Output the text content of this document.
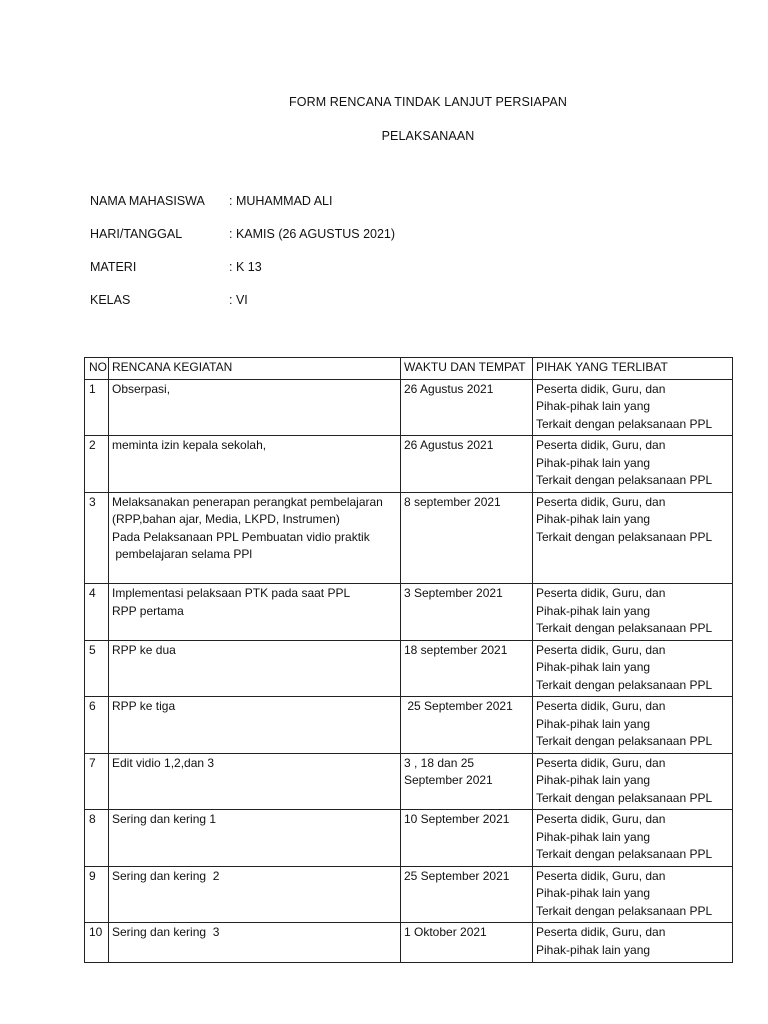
FORM RENCANA TINDAK LANJUT PERSIAPAN
PELAKSANAAN
NAMA MAHASISWA	: MUHAMMAD ALI
HARI/TANGGAL	: KAMIS (26 AGUSTUS 2021)
MATERI	: K 13
KELAS	: VI
NO	RENCANA KEGIATAN	WAKTU DAN TEMPAT	PIHAK YANG TERLIBAT
1	Obserpasi,	26 Agustus 2021	Peserta didik, Guru, dan
Pihak-pihak lain yang
Terkait dengan pelaksanaan PPL

2	meminta izin kepala sekolah,	26 Agustus 2021	Peserta didik, Guru, dan
Pihak-pihak lain yang
Terkait dengan pelaksanaan PPL

3	Melaksanakan penerapan perangkat pembelajaran
(RPP,bahan ajar, Media, LKPD, Instrumen)
Pada Pelaksanaan PPL Pembuatan vidio praktik
pembelajaran selama PPl	8 september 2021	Peserta didik, Guru, dan
Pihak-pihak lain yang
Terkait dengan pelaksanaan PPL

4	Implementasi pelaksaan PTK pada saat PPL
RPP pertama	3 September 2021	Peserta didik, Guru, dan
Pihak-pihak lain yang
Terkait dengan pelaksanaan PPL

5	RPP ke dua	18 september 2021	Peserta didik, Guru, dan
Pihak-pihak lain yang
Terkait dengan pelaksanaan PPL

6	RPP ke tiga	25 September 2021	Peserta didik, Guru, dan
Pihak-pihak lain yang
Terkait dengan pelaksanaan PPL

7	Edit vidio 1,2,dan 3	3 , 18 dan 25
September 2021	Peserta didik, Guru, dan
Pihak-pihak lain yang
Terkait dengan pelaksanaan PPL

8	Sering dan kering 1	10 September 2021	Peserta didik, Guru, dan
Pihak-pihak lain yang
Terkait dengan pelaksanaan PPL

9	Sering dan kering  2	25 September 2021	Peserta didik, Guru, dan
Pihak-pihak lain yang
Terkait dengan pelaksanaan PPL

10	Sering dan kering  3	1 Oktober 2021	Peserta didik, Guru, dan
Pihak-pihak lain yang
